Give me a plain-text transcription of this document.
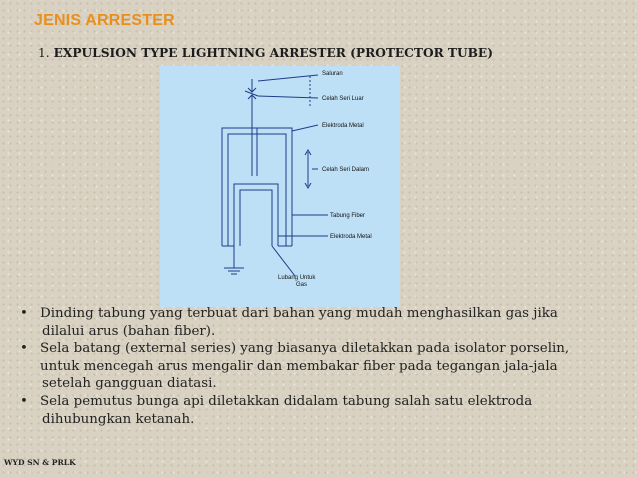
JENIS ARRESTER
1. EXPULSION TYPE LIGHTNING ARRESTER (PROTECTOR TUBE)
Saluran
Celah Seri Luar
Elektroda Metal
Celah Seri Dalam
Tabung Fiber
Elektroda Metal
Lubang Untuk
Gas
• Dinding tabung yang terbuat dari bahan yang mudah menghasilkan gas jika
dilalui arus (bahan fiber).
• Sela batang (external series) yang biasanya diletakkan pada isolator porselin,
untuk mencegah arus mengalir dan membakar fiber pada tegangan jala-jala
setelah gangguan diatasi.
• Sela pemutus bunga api diletakkan didalam tabung salah satu elektroda
dihubungkan ketanah.
WYD SN & PRLK
